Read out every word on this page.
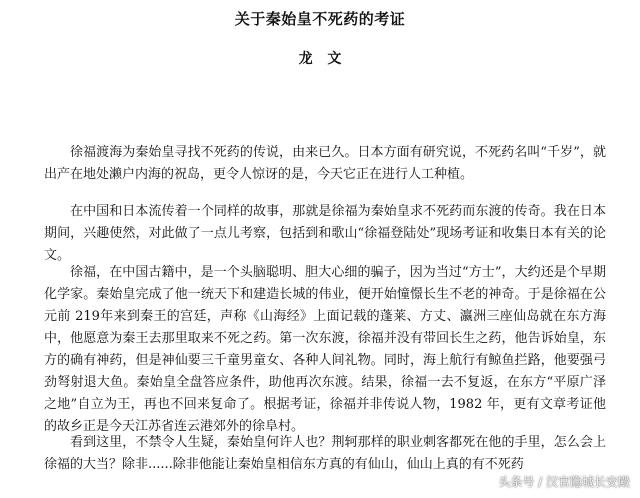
关于秦始皇不死药的考证
龙 文

徐福渡海为秦始皇寻找不死药的传说，由来已久。日本方面有研究说，不死药名叫“千岁”，就出产在地处濑户内海的祝岛，更令人惊讶的是，今天它正在进行人工种植。

在中国和日本流传着一个同样的故事，那就是徐福为秦始皇求不死药而东渡的传奇。我在日本期间，兴趣使然，对此做了一点儿考察，包括到和歌山“徐福登陆处”现场考证和收集日本有关的论文。

徐福，在中国古籍中，是一个头脑聪明、胆大心细的骗子，因为当过“方士”，大约还是个早期化学家。秦始皇完成了他一统天下和建造长城的伟业，便开始憧憬长生不老的神奇。于是徐福在公元前 219年来到秦王的宫廷，声称《山海经》上面记载的蓬莱、方丈、瀛洲三座仙岛就在东方海中，他愿意为秦王去那里取来不死之药。第一次东渡，徐福并没有带回长生之药，他告诉始皇，东方的确有神药，但是神仙要三千童男童女、各种人间礼物。同时，海上航行有鲸鱼拦路，他要强弓劲弩射退大鱼。秦始皇全盘答应条件，助他再次东渡。结果，徐福一去不复返，在东方“平原广泽之地”自立为王，再也不回来复命了。根据考证，徐福并非传说人物，1982 年，更有文章考证他的故乡正是今天江苏省连云港郊外的徐阜村。

看到这里，不禁令人生疑，秦始皇何许人也？荆轲那样的职业刺客都死在他的手里，怎么会上徐福的大当？除非......除非他能让秦始皇相信东方真的有仙山，仙山上真的有不死药

头条号 / 汉官隐城长安殿
